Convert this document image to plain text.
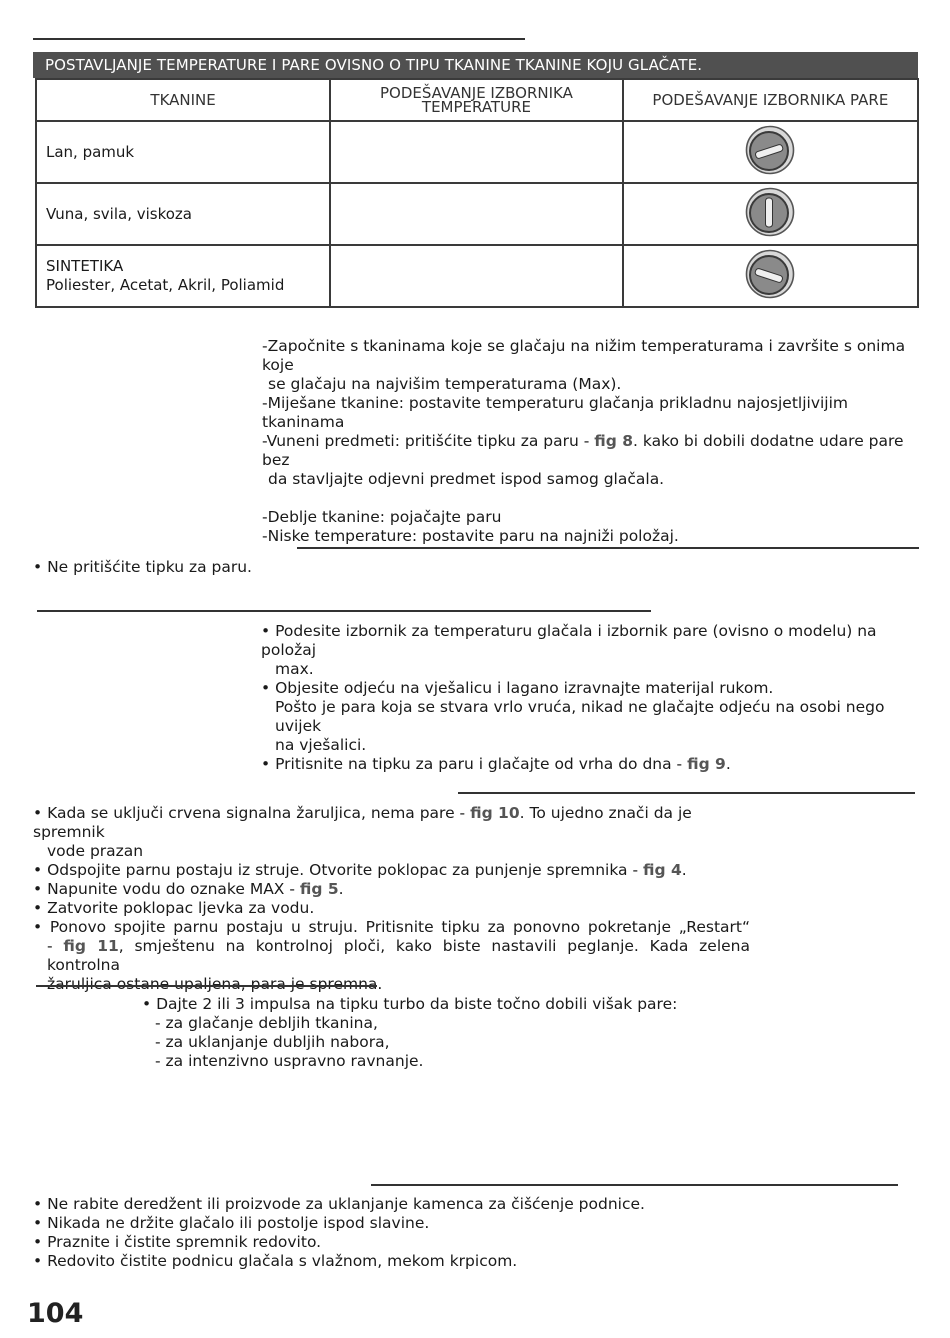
POSTAVLJANJE TEMPERATURE I PARE OVISNO O TIPU TKANINE TKANINE KOJU GLAČATE.
TKANINE	PODEŠAVANJE IZBORNIKA TEMPERATURE	PODEŠAVANJE IZBORNIKA PARE
Lan, pamuk		
Vuna, svila, viskoza		

SINTETIKA
Poliester, Acetat, Akril, Poliamid

-Započnite s tkaninama koje se glačaju na nižim temperaturama i završite s onima koje

se glačaju na najvišim temperaturama (Max).

-Miješane tkanine: postavite temperaturu glačanja prikladnu najosjetljivijim tkaninama

-Vuneni predmeti: pritišćite tipku za paru - fig 8. kako bi dobili dodatne udare pare bez

da stavljajte odjevni predmet ispod samog glačala.

-Deblje tkanine: pojačajte paru

-Niske temperature: postavite paru na najniži položaj.

• Ne pritišćite tipku za paru.

• Podesite izbornik za temperaturu glačala i izbornik pare (ovisno o modelu) na položaj

max.

• Objesite odjeću na vješalicu i lagano izravnajte materijal rukom.

Pošto je para koja se stvara vrlo vruća, nikad ne glačajte odjeću na osobi nego uvijek

na vješalici.

• Pritisnite na tipku za paru i glačajte od vrha do dna - fig 9.

• Kada se uključi crvena signalna žaruljica, nema pare - fig 10. To ujedno znači da je spremnik

vode prazan

• Odspojite parnu postaju iz struje. Otvorite poklopac za punjenje spremnika - fig 4.

• Napunite vodu do oznake MAX - fig 5.

• Zatvorite poklopac ljevka za vodu.

• Ponovo spojite parnu postaju u struju. Pritisnite tipku za ponovno pokretanje „Restart“

- fig 11, smještenu na kontrolnoj ploči, kako biste nastavili peglanje. Kada zelena kontrolna

žaruljica ostane upaljena, para je spremna.

• Dajte 2 ili 3 impulsa na tipku turbo da biste točno dobili višak pare:

- za glačanje debljih tkanina,

- za uklanjanje dubljih nabora,

- za intenzivno uspravno ravnanje.

• Ne rabite deredžent ili proizvode za uklanjanje kamenca za čišćenje podnice.

• Nikada ne držite glačalo ili postolje ispod slavine.

• Praznite i čistite spremnik redovito.

• Redovito čistite podnicu glačala s vlažnom, mekom krpicom.

104
